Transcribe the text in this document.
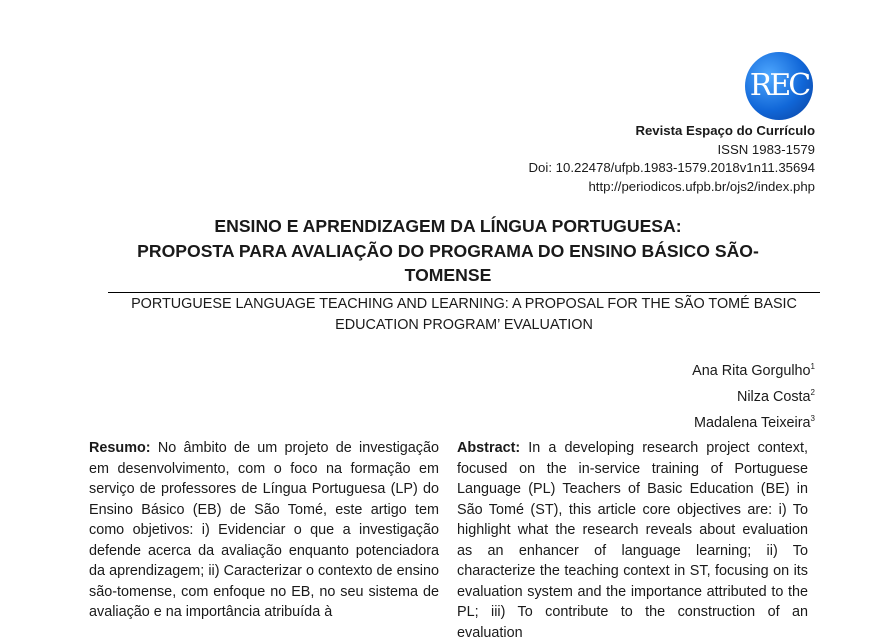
REC
Revista Espaço do Currículo
ISSN 1983-1579
Doi: 10.22478/ufpb.1983-1579.2018v1n11.35694
http://periodicos.ufpb.br/ojs2/index.php
ENSINO E APRENDIZAGEM DA LÍNGUA PORTUGUESA:
PROPOSTA PARA AVALIAÇÃO DO PROGRAMA DO ENSINO BÁSICO SÃO-TOMENSE
PORTUGUESE LANGUAGE TEACHING AND LEARNING: A PROPOSAL FOR THE SÃO TOMÉ BASIC EDUCATION PROGRAM’ EVALUATION
Ana Rita Gorgulho$^1$
Nilza Costa$^2$
Madalena Teixeira$^3$
Resumo: No âmbito de um projeto de investigação em desenvolvimento, com o foco na formação em serviço de professores de Língua Portuguesa (LP) do Ensino Básico (EB) de São Tomé, este artigo tem como objetivos: i) Evidenciar o que a investigação defende acerca da avaliação enquanto potenciadora da aprendizagem; ii) Caracterizar o contexto de ensino são-tomense, com enfoque no EB, no seu sistema de avaliação e na importância atribuída à
Abstract: In a developing research project context, focused on the in-service training of Portuguese Language (PL) Teachers of Basic Education (BE) in São Tomé (ST), this article core objectives are: i) To highlight what the research reveals about evaluation as an enhancer of language learning; ii) To characterize the teaching context in ST, focusing on its evaluation system and the importance attributed to the PL; iii) To contribute to the construction of an evaluation
